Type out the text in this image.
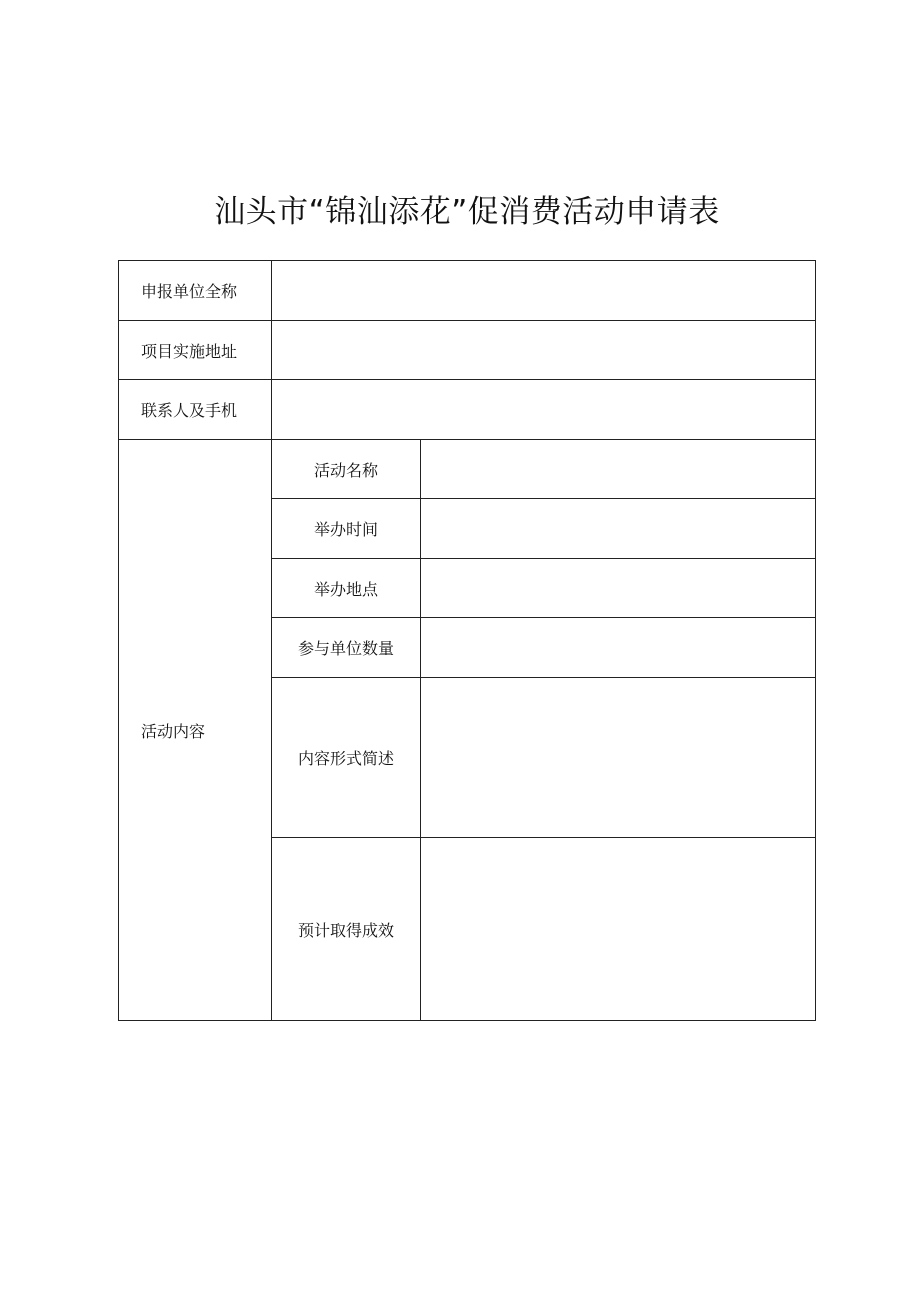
汕头市“锦汕添花”促消费活动申请表
申报单位全称		
项目实施地址		
联系人及手机		
活动内容	活动名称	
	举办时间	
	举办地点	
	参与单位数量	
	内容形式简述	
	预计取得成效	
